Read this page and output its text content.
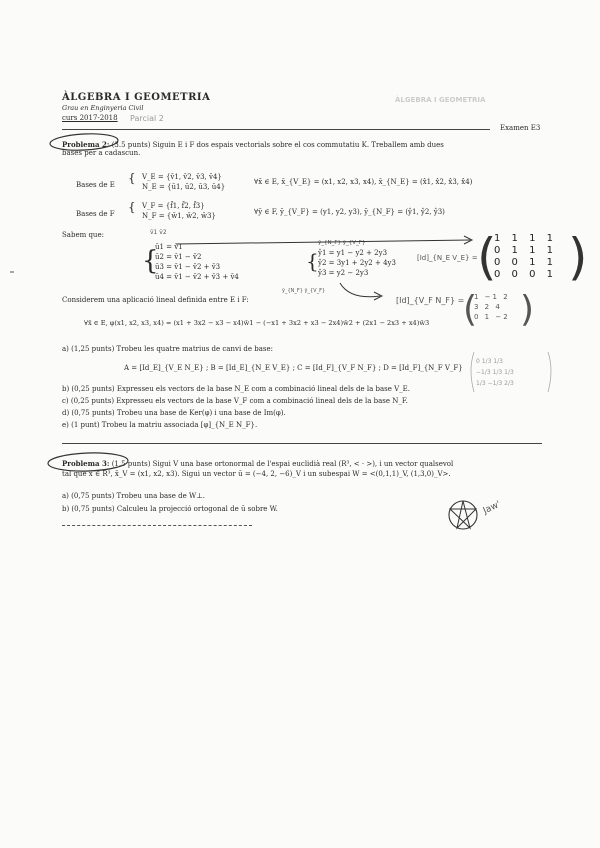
ÀLGEBRA I GEOMETRIA
ÀLGEBRA I GEOMETRIA
Grau en Enginyeria Civil
curs 2017-2018 Parcial 2
Examen E3
Problema 2: (3.5 punts) Siguin E i F dos espais vectorials sobre el cos commutatiu K. Treballem amb dues
bases per a cadascun.
Bases de E { V_E = {v̄1, v̄2, v̄3, v̄4}
N_E = {ū1, ū2, ū3, ū4}
∀x̄ ∈ E, x̄_{V_E} = (x1, x2, x3, x4), x̄_{N_E} = (x̂1, x̂2, x̂3, x̂4)
Bases de F { V_F = {f̄1, f̄2, f̄3}
N_F = {w̄1, w̄2, w̄3}	∀ȳ ∈ F, ȳ_{V_F} = (y1, y2, y3), ȳ_{N_F} = (ŷ1, ŷ2, ŷ3)
Sabem que:	v̄1 v̄2
{
ū1 = v̄1
ū2 = v̄1 − v̄2
ū3 = v̄1 − v̄2 + v̄3
ū4 = v̄1 − v̄2 + v̄3 + v̄4
ȳ_{N_F} ȳ_{V_F}
{ ŷ1 = y1 − y2 + 2y3
ŷ2 = 3y1 + 2y2 + 4y3
ŷ3 = y2 − 2y3
[Id]_{N_E V_E} = ( )
1 1 1 1
0 1 1 1
0 0 1 1
0 0 0 1
[Id]_{V_F N_F} =
( )
1 −1 2
3 2 4
0 1 −2
Considerem una aplicació lineal definida entre E i F:
ȳ_{N_F} ȳ_{V_F}
∀x̄ ∈ E, φ(x1, x2, x3, x4) = (x1 + 3x2 − x3 − x4)w̄1 − (−x1 + 3x2 + x3 − 2x4)w̄2 + (2x1 − 2x3 + x4)w̄3
a) (1,25 punts) Trobeu les quatre matrius de canvi de base:
A = [Id_E]_{V_E N_E} ; B = [Id_E]_{N_E V_E} ; C = [Id_F]_{V_F N_F} ; D = [Id_F]_{N_F V_F}
0 1/3 1/3
−1/3 1/3 1/3
1/3 −1/3 2/3
b) (0,25 punts) Expresseu els vectors de la base N_E com a combinació lineal dels de la base V_E.
c) (0,25 punts) Expresseu els vectors de la base V_F com a combinació lineal dels de la base N_F.
d) (0,75 punts) Trobeu una base de Ker(φ) i una base de Im(φ).
e) (1 punt) Trobeu la matriu associada [φ]_{N_E N_F}.
Problema 3: (1,5 punts) Sigui V una base ortonormal de l'espai euclidià real (R³, < · >), i un vector qualsevol
tal que x̄ ∈ R³, x̄_V = (x1, x2, x3). Sigui un vector ū = (−4, 2, −6)_V i un subespai W = <(0,1,1)_V, (1,3,0)_V>.
a) (0,75 punts) Trobeu una base de W⊥.
b) (0,75 punts) Calculeu la projecció ortogonal de ū sobre W.	Jaw'
